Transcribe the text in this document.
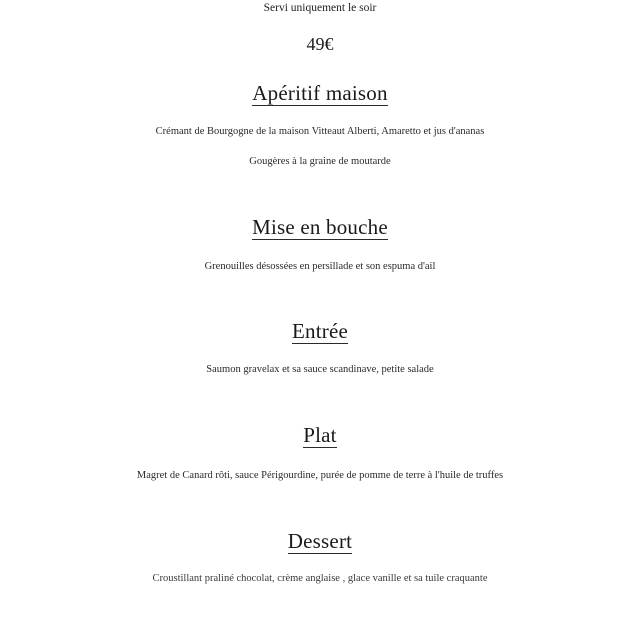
Servi uniquement le soir
49€
Apéritif maison
Crémant de Bourgogne de la maison Vitteaut Alberti, Amaretto et jus d'ananas
Gougères à la graine de moutarde
Mise en bouche
Grenouilles désossées en persillade et son espuma d'ail
Entrée
Saumon gravelax et sa sauce scandinave, petite salade
Plat
Magret de Canard rôti, sauce Périgourdine, purée de pomme de terre à l'huile de truffes
Dessert
Croustillant praliné chocolat, crème anglaise , glace vanille et sa tuile craquante
